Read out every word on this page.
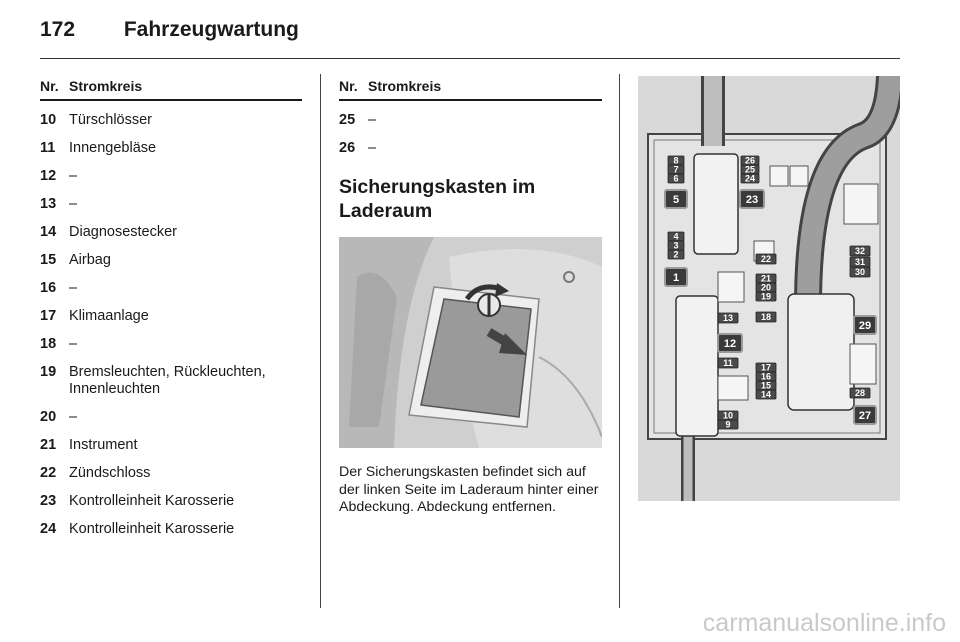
172 Fahrzeugwartung
Nr. Stromkreis
10 Türschlösser
11 Innengebläse
12 –
13 –
14 Diagnosestecker
15 Airbag
16 –
17 Klimaanlage
18 –
19 Bremsleuchten, Rückleuchten, Innenleuchten
20 –
21 Instrument
22 Zündschloss
23 Kontrolleinheit Karosserie
24 Kontrolleinheit Karosserie
Nr. Stromkreis
25 –
26 –
Sicherungskasten im Laderaum
Der Sicherungskasten befindet sich auf der linken Seite im Laderaum hinter einer Abdeckung. Abdeckung entfernen.
8
7
6
4
3
2
26
25
24
5	23
1
12
29
27
32
31
30
28
22
21
20
19
18
13
11	17
16
15
14
10
9
carmanualsonline.info
